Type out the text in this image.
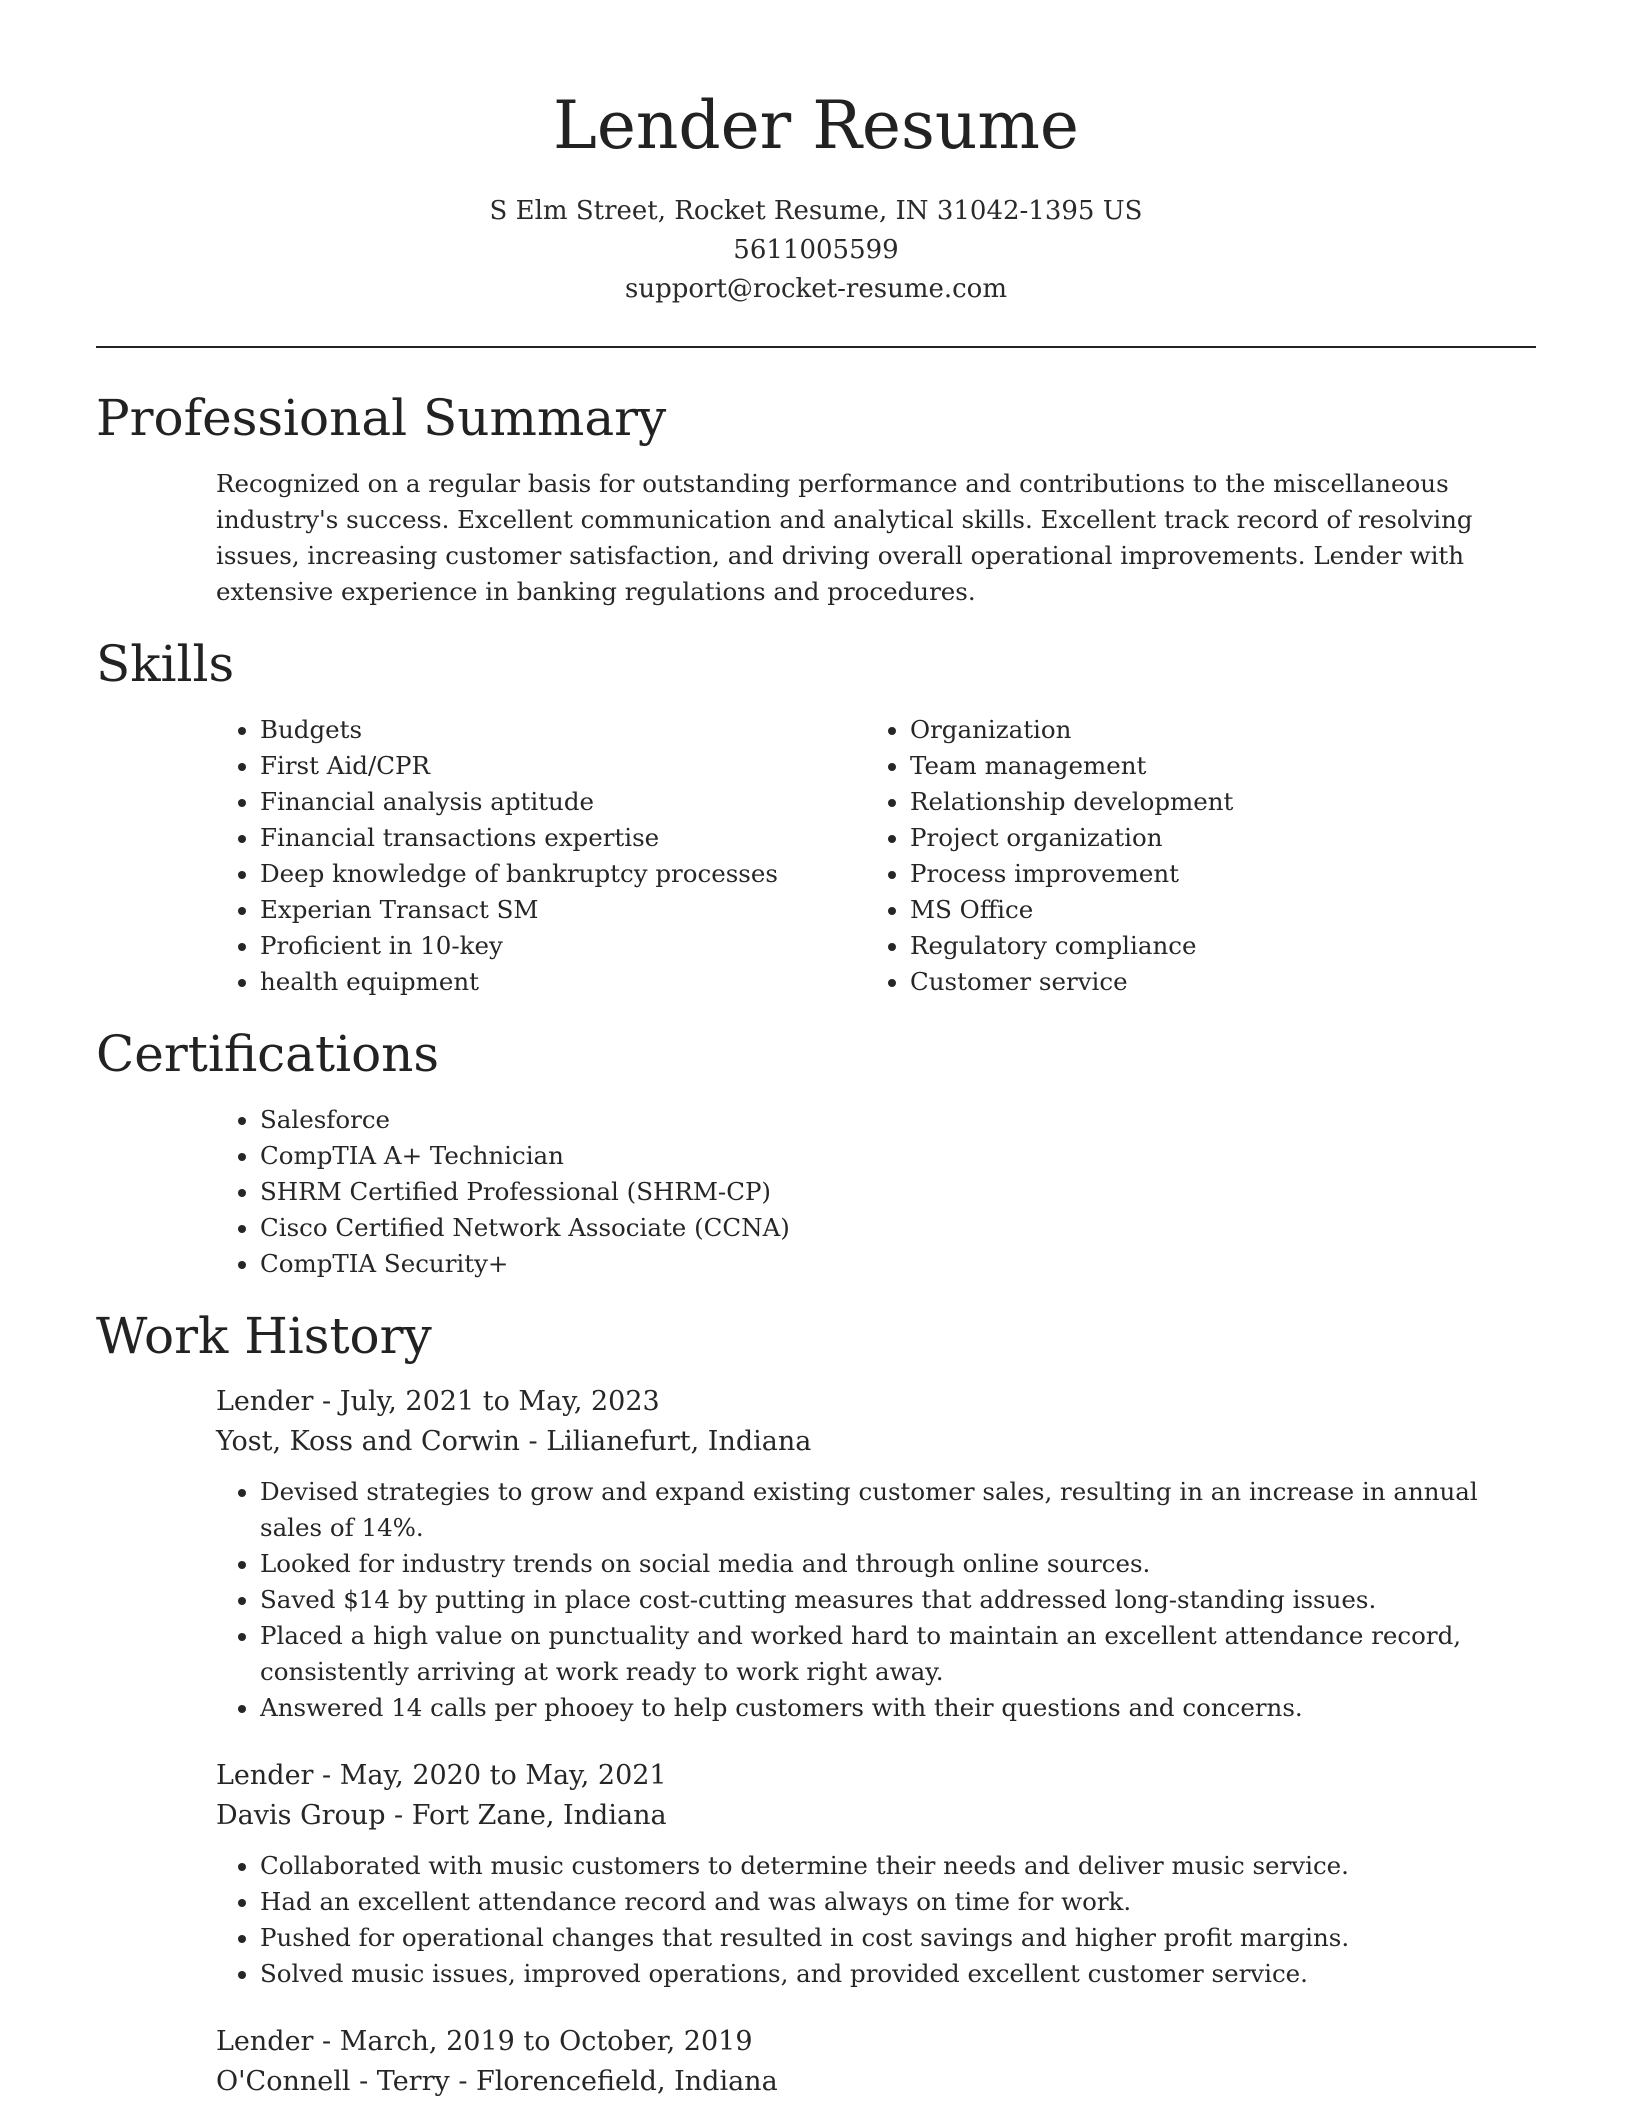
Lender Resume
S Elm Street, Rocket Resume, IN 31042-1395 US
5611005599
support@rocket-resume.com
Professional Summary

Recognized on a regular basis for outstanding performance and contributions to the miscellaneous industry's success. Excellent communication and analytical skills. Excellent track record of resolving issues, increasing customer satisfaction, and driving overall operational improvements. Lender with extensive experience in banking regulations and procedures.

Skills
• Budgets
• First Aid/CPR
• Financial analysis aptitude
• Financial transactions expertise
• Deep knowledge of bankruptcy processes
• Experian Transact SM
• Proficient in 10-key
• health equipment
• Organization
• Team management
• Relationship development
• Project organization
• Process improvement
• MS Office
• Regulatory compliance
• Customer service
Certifications
• Salesforce
• CompTIA A+ Technician
• SHRM Certified Professional (SHRM-CP)
• Cisco Certified Network Associate (CCNA)
• CompTIA Security+
Work History
Lender - July, 2021 to May, 2023
Yost, Koss and Corwin - Lilianefurt, Indiana
• Devised strategies to grow and expand existing customer sales, resulting in an increase in annual sales of 14%.
• Looked for industry trends on social media and through online sources.
• Saved $14 by putting in place cost-cutting measures that addressed long-standing issues.
• Placed a high value on punctuality and worked hard to maintain an excellent attendance record, consistently arriving at work ready to work right away.
• Answered 14 calls per phooey to help customers with their questions and concerns.
Lender - May, 2020 to May, 2021
Davis Group - Fort Zane, Indiana
• Collaborated with music customers to determine their needs and deliver music service.
• Had an excellent attendance record and was always on time for work.
• Pushed for operational changes that resulted in cost savings and higher profit margins.
• Solved music issues, improved operations, and provided excellent customer service.
Lender - March, 2019 to October, 2019
O'Connell - Terry - Florencefield, Indiana
